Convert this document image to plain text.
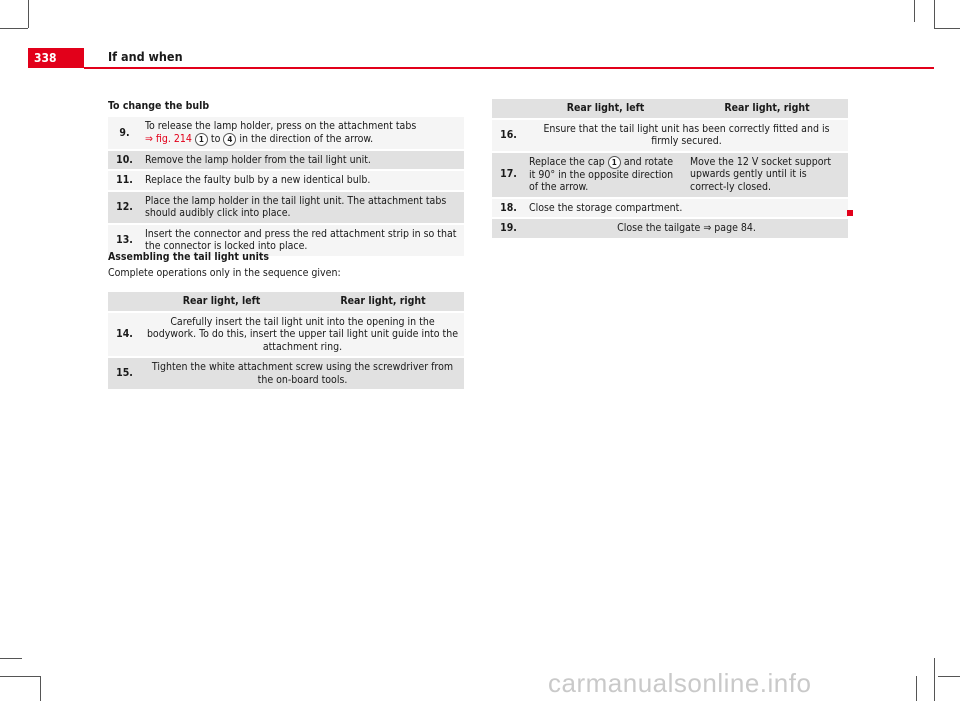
338	If and when
To change the bulb
9.	To release the lamp holder, press on the attachment tabs
⇒ fig. 214 1 to 4 in the direction of the arrow.
10.	Remove the lamp holder from the tail light unit.
11.	Replace the faulty bulb by a new identical bulb.
12.	Place the lamp holder in the tail light unit. The attachment tabs should audibly click into place.
13.	Insert the connector and press the red attachment strip in so that the connector is locked into place.
Assembling the tail light units
Complete operations only in the sequence given:
	Rear light, left	Rear light, right
14.	Carefully insert the tail light unit into the opening in the bodywork. To do this, insert the upper tail light unit guide into the attachment ring.	
15.	Tighten the white attachment screw using the screwdriver from the on-board tools.	
	Rear light, left	Rear light, right
16.	Ensure that the tail light unit has been correctly fitted and is firmly secured.	
17.	Replace the cap 1 and rotate it 90° in the opposite direction of the arrow.	Move the 12 V socket support upwards gently until it is correct-ly closed.
18.	Close the storage compartment.	
19.	Close the tailgate ⇒ page 84.	
carmanualsonline.info
